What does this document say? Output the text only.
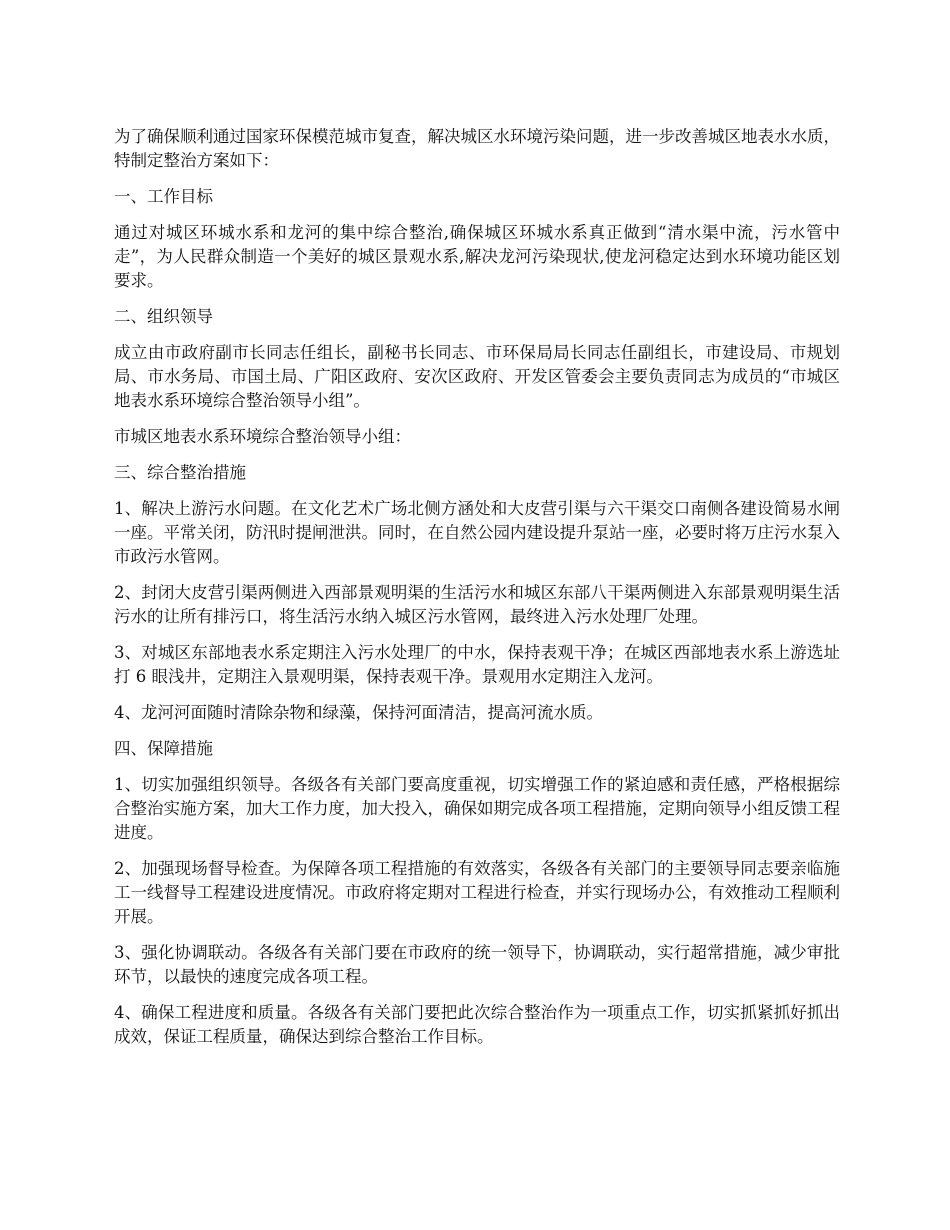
为了确保顺利通过国家环保模范城市复查，解决城区水环境污染问题，进一步改善城区地表水水质，特制定整治方案如下：

一、工作目标

通过对城区环城水系和龙河的集中综合整治,确保城区环城水系真正做到“清水渠中流，污水管中走”，为人民群众制造一个美好的城区景观水系,解决龙河污染现状,使龙河稳定达到水环境功能区划要求。

二、组织领导

成立由市政府副市长同志任组长，副秘书长同志、市环保局局长同志任副组长，市建设局、市规划局、市水务局、市国土局、广阳区政府、安次区政府、开发区管委会主要负责同志为成员的“市城区地表水系环境综合整治领导小组”。

市城区地表水系环境综合整治领导小组：

三、综合整治措施

1、解决上游污水问题。在文化艺术广场北侧方涵处和大皮营引渠与六干渠交口南侧各建设简易水闸一座。平常关闭，防汛时提闸泄洪。同时，在自然公园内建设提升泵站一座，必要时将万庄污水泵入市政污水管网。

2、封闭大皮营引渠两侧进入西部景观明渠的生活污水和城区东部八干渠两侧进入东部景观明渠生活污水的让所有排污口，将生活污水纳入城区污水管网，最终进入污水处理厂处理。

3、对城区东部地表水系定期注入污水处理厂的中水，保持表观干净；在城区西部地表水系上游选址打 6 眼浅井，定期注入景观明渠，保持表观干净。景观用水定期注入龙河。

4、龙河河面随时清除杂物和绿藻，保持河面清洁，提高河流水质。

四、保障措施

1、切实加强组织领导。各级各有关部门要高度重视，切实增强工作的紧迫感和责任感，严格根据综合整治实施方案，加大工作力度，加大投入，确保如期完成各项工程措施，定期向领导小组反馈工程进度。

2、加强现场督导检查。为保障各项工程措施的有效落实，各级各有关部门的主要领导同志要亲临施工一线督导工程建设进度情况。市政府将定期对工程进行检查，并实行现场办公，有效推动工程顺利开展。

3、强化协调联动。各级各有关部门要在市政府的统一领导下，协调联动，实行超常措施，减少审批环节，以最快的速度完成各项工程。

4、确保工程进度和质量。各级各有关部门要把此次综合整治作为一项重点工作，切实抓紧抓好抓出成效，保证工程质量，确保达到综合整治工作目标。
